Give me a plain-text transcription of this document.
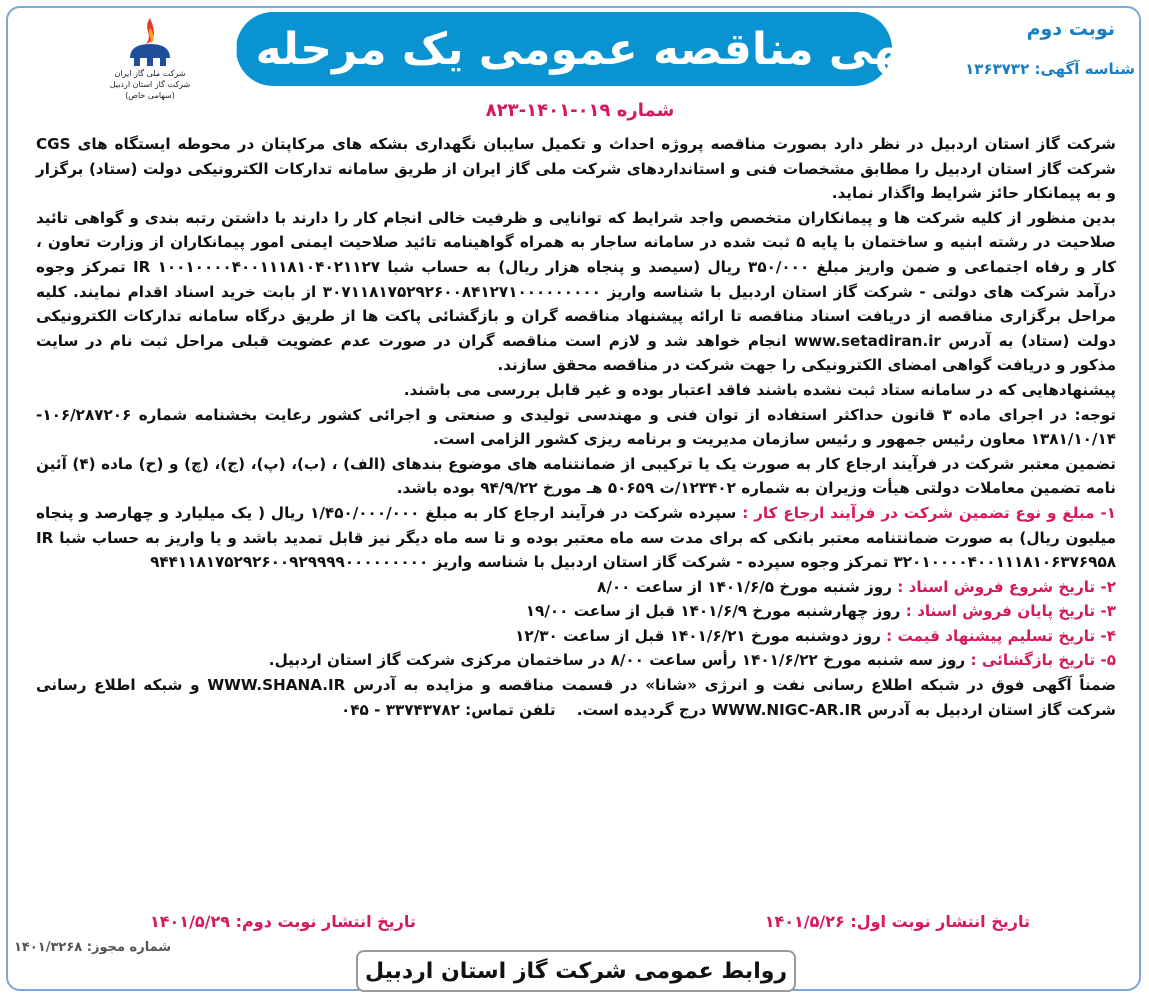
آگهی مناقصه عمومی یک مرحله ای	نوبت دوم
شناسه آگهی: ۱۳۶۳۷۳۲
شرکت ملی گاز ایران
شرکت گاز استان اردبیل
(سهامی خاص)
شماره ۰۱۹-۱۴۰۱-۸۲۳

شرکت گاز استان اردبیل در نظر دارد بصورت مناقصه پروژه احداث و تکمیل سایبان نگهداری بشکه های مرکاپتان در محوطه ایستگاه های CGS شرکت گاز استان اردبیل را مطابق مشخصات فنی و استانداردهای شرکت ملی گاز ایران از طریق سامانه تدارکات الکترونیکی دولت (ستاد) برگزار و به پیمانکار حائز شرایط واگذار نماید.

بدین منظور از کلیه شرکت ها و پیمانکاران متخصص واجد شرایط که توانایی و ظرفیت خالی انجام کار را دارند با داشتن رتبه بندی و گواهی تائید صلاحیت در رشته ابنیه و ساختمان با پایه ۵ ثبت شده در سامانه ساجار به همراه گواهینامه تائید صلاحیت ایمنی امور پیمانکاران از وزارت تعاون ، کار و رفاه اجتماعی و ضمن واریز مبلغ ۳۵۰/۰۰۰ ریال (سیصد و پنجاه هزار ریال) به حساب شبا IR ۱۰۰۱۰۰۰۰۴۰۰۱۱۱۸۱۰۴۰۲۱۱۲۷ تمرکز وجوه درآمد شرکت های دولتی - شرکت گاز استان اردبیل با شناسه واریز ۳۰۷۱۱۸۱۷۵۲۹۲۶۰۰۸۴۱۲۷۱۰۰۰۰۰۰۰۰۰ از بابت خرید اسناد اقدام نمایند. کلیه مراحل برگزاری مناقصه از دریافت اسناد مناقصه تا ارائه پیشنهاد مناقصه گران و بازگشائی پاکت ها از طریق درگاه سامانه تدارکات الکترونیکی دولت (ستاد) به آدرس www.setadiran.ir انجام خواهد شد و لازم است مناقصه گران در صورت عدم عضویت قبلی مراحل ثبت نام در سایت مذکور و دریافت گواهی امضای الکترونیکی را جهت شرکت در مناقصه محقق سازند.

پیشنهادهایی که در سامانه ستاد ثبت نشده باشند فاقد اعتبار بوده و غیر قابل بررسی می باشند.

توجه: در اجرای ماده ۳ قانون حداکثر استفاده از توان فنی و مهندسی تولیدی و صنعتی و اجرائی کشور رعایت بخشنامه شماره ۱۰۶/۲۸۷۲۰۶- ۱۳۸۱/۱۰/۱۴ معاون رئیس جمهور و رئیس سازمان مدیریت و برنامه ریزی کشور الزامی است.

تضمین معتبر شرکت در فرآیند ارجاع کار به صورت یک یا ترکیبی از ضمانتنامه های موضوع بندهای (الف) ، (ب)، (پ)، (ج)، (چ) و (ح) ماده (۴) آئین نامه تضمین معاملات دولتی هیأت وزیران به شماره ۱۲۳۴۰۲/ت ۵۰۶۵۹ هـ مورخ ۹۴/۹/۲۲ بوده باشد.

۱- مبلغ و نوع تضمین شرکت در فرآیند ارجاع کار : سپرده شرکت در فرآیند ارجاع کار به مبلغ ۱/۴۵۰/۰۰۰/۰۰۰ ریال ( یک میلیارد و چهارصد و پنجاه میلیون ریال) به صورت ضمانتنامه معتبر بانکی که برای مدت سه ماه معتبر بوده و تا سه ماه دیگر نیز قابل تمدید باشد و یا واریز به حساب شبا IR ۳۲۰۱۰۰۰۰۴۰۰۱۱۱۸۱۰۶۳۷۶۹۵۸ تمرکز وجوه سپرده - شرکت گاز استان اردبیل با شناسه واریز ۹۴۴۱۱۸۱۷۵۲۹۲۶۰۰۹۲۹۹۹۹۰۰۰۰۰۰۰۰۰

۲- تاریخ شروع فروش اسناد : روز شنبه مورخ ۱۴۰۱/۶/۵ از ساعت ۸/۰۰

۳- تاریخ پایان فروش اسناد : روز چهارشنبه مورخ ۱۴۰۱/۶/۹ قبل از ساعت ۱۹/۰۰

۴- تاریخ تسلیم پیشنهاد قیمت : روز دوشنبه مورخ ۱۴۰۱/۶/۲۱ قبل از ساعت ۱۲/۳۰

۵- تاریخ بازگشائی : روز سه شنبه مورخ ۱۴۰۱/۶/۲۲ رأس ساعت ۸/۰۰ در ساختمان مرکزی شرکت گاز استان اردبیل.

ضمناً آگهی فوق در شبکه اطلاع رسانی نفت و انرژی «شانا» در قسمت مناقصه و مزایده به آدرس WWW.SHANA.IR و شبکه اطلاع رسانی شرکت گاز استان اردبیل به آدرس WWW.NIGC-AR.IR درج گردیده است.    تلفن تماس: ۳۳۷۴۳۷۸۲ - ۰۴۵

تاریخ انتشار نوبت اول: ۱۴۰۱/۵/۲۶
تاریخ انتشار نوبت دوم: ۱۴۰۱/۵/۲۹
شماره مجوز: ۱۴۰۱/۳۲۶۸
روابط عمومی شرکت گاز استان اردبیل
